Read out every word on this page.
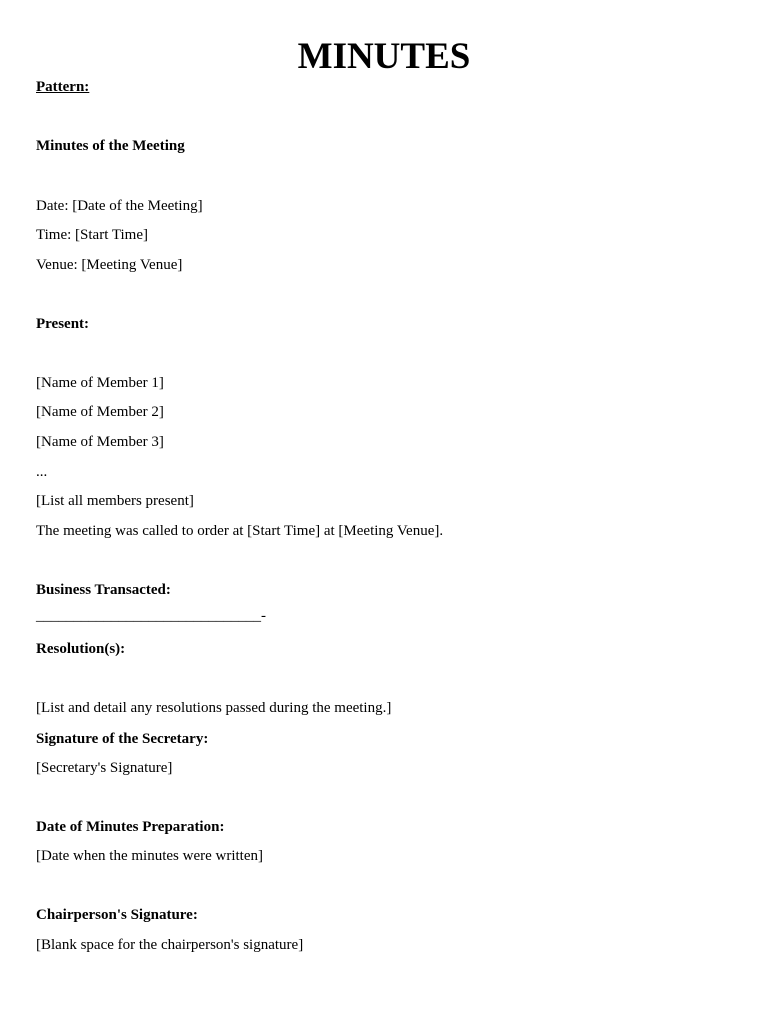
MINUTES
Pattern:
Minutes of the Meeting
Date: [Date of the Meeting]
Time: [Start Time]
Venue: [Meeting Venue]
Present:
[Name of Member 1]
[Name of Member 2]
[Name of Member 3]
...
[List all members present]
The meeting was called to order at [Start Time] at [Meeting Venue].
Business Transacted:
______________________________-
Resolution(s):
[List and detail any resolutions passed during the meeting.]
Signature of the Secretary:
[Secretary's Signature]
Date of Minutes Preparation:
[Date when the minutes were written]
Chairperson's Signature:
[Blank space for the chairperson's signature]
